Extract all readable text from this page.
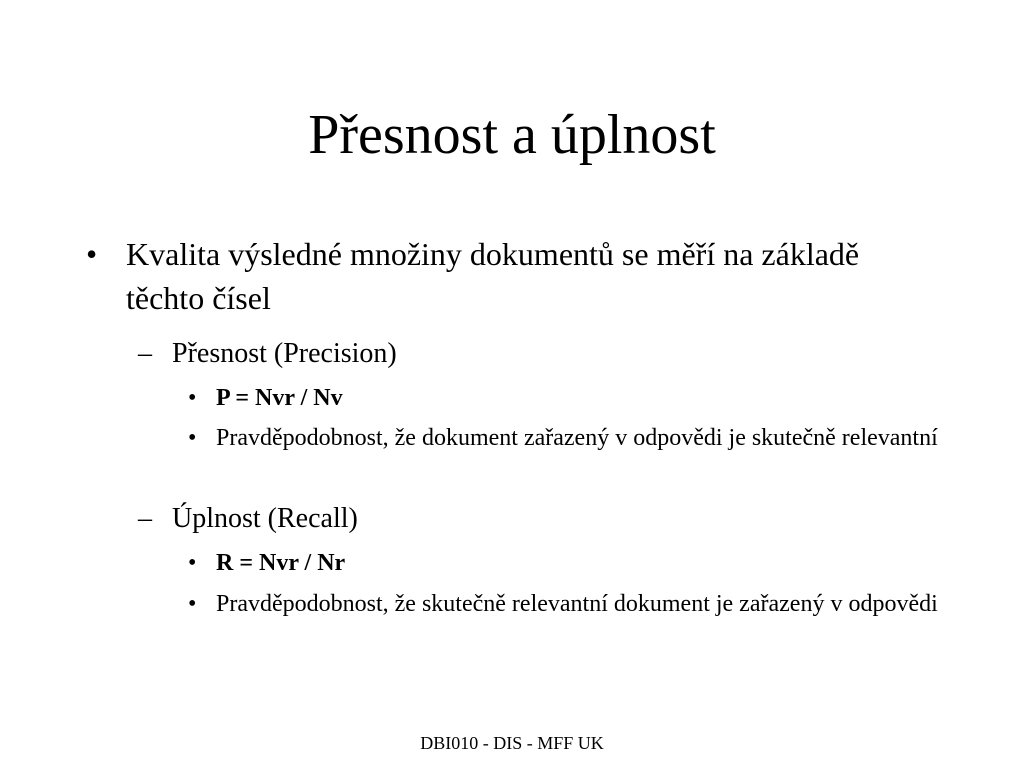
Přesnost a úplnost
• Kvalita výsledné množiny dokumentů se měří na základě těchto čísel
– Přesnost (Precision)
• P = Nvr / Nv
• Pravděpodobnost, že dokument zařazený v odpovědi je skutečně relevantní
– Úplnost (Recall)
• R = Nvr / Nr
• Pravděpodobnost, že skutečně relevantní dokument je zařazený v odpovědi
DBI010 - DIS - MFF UK
